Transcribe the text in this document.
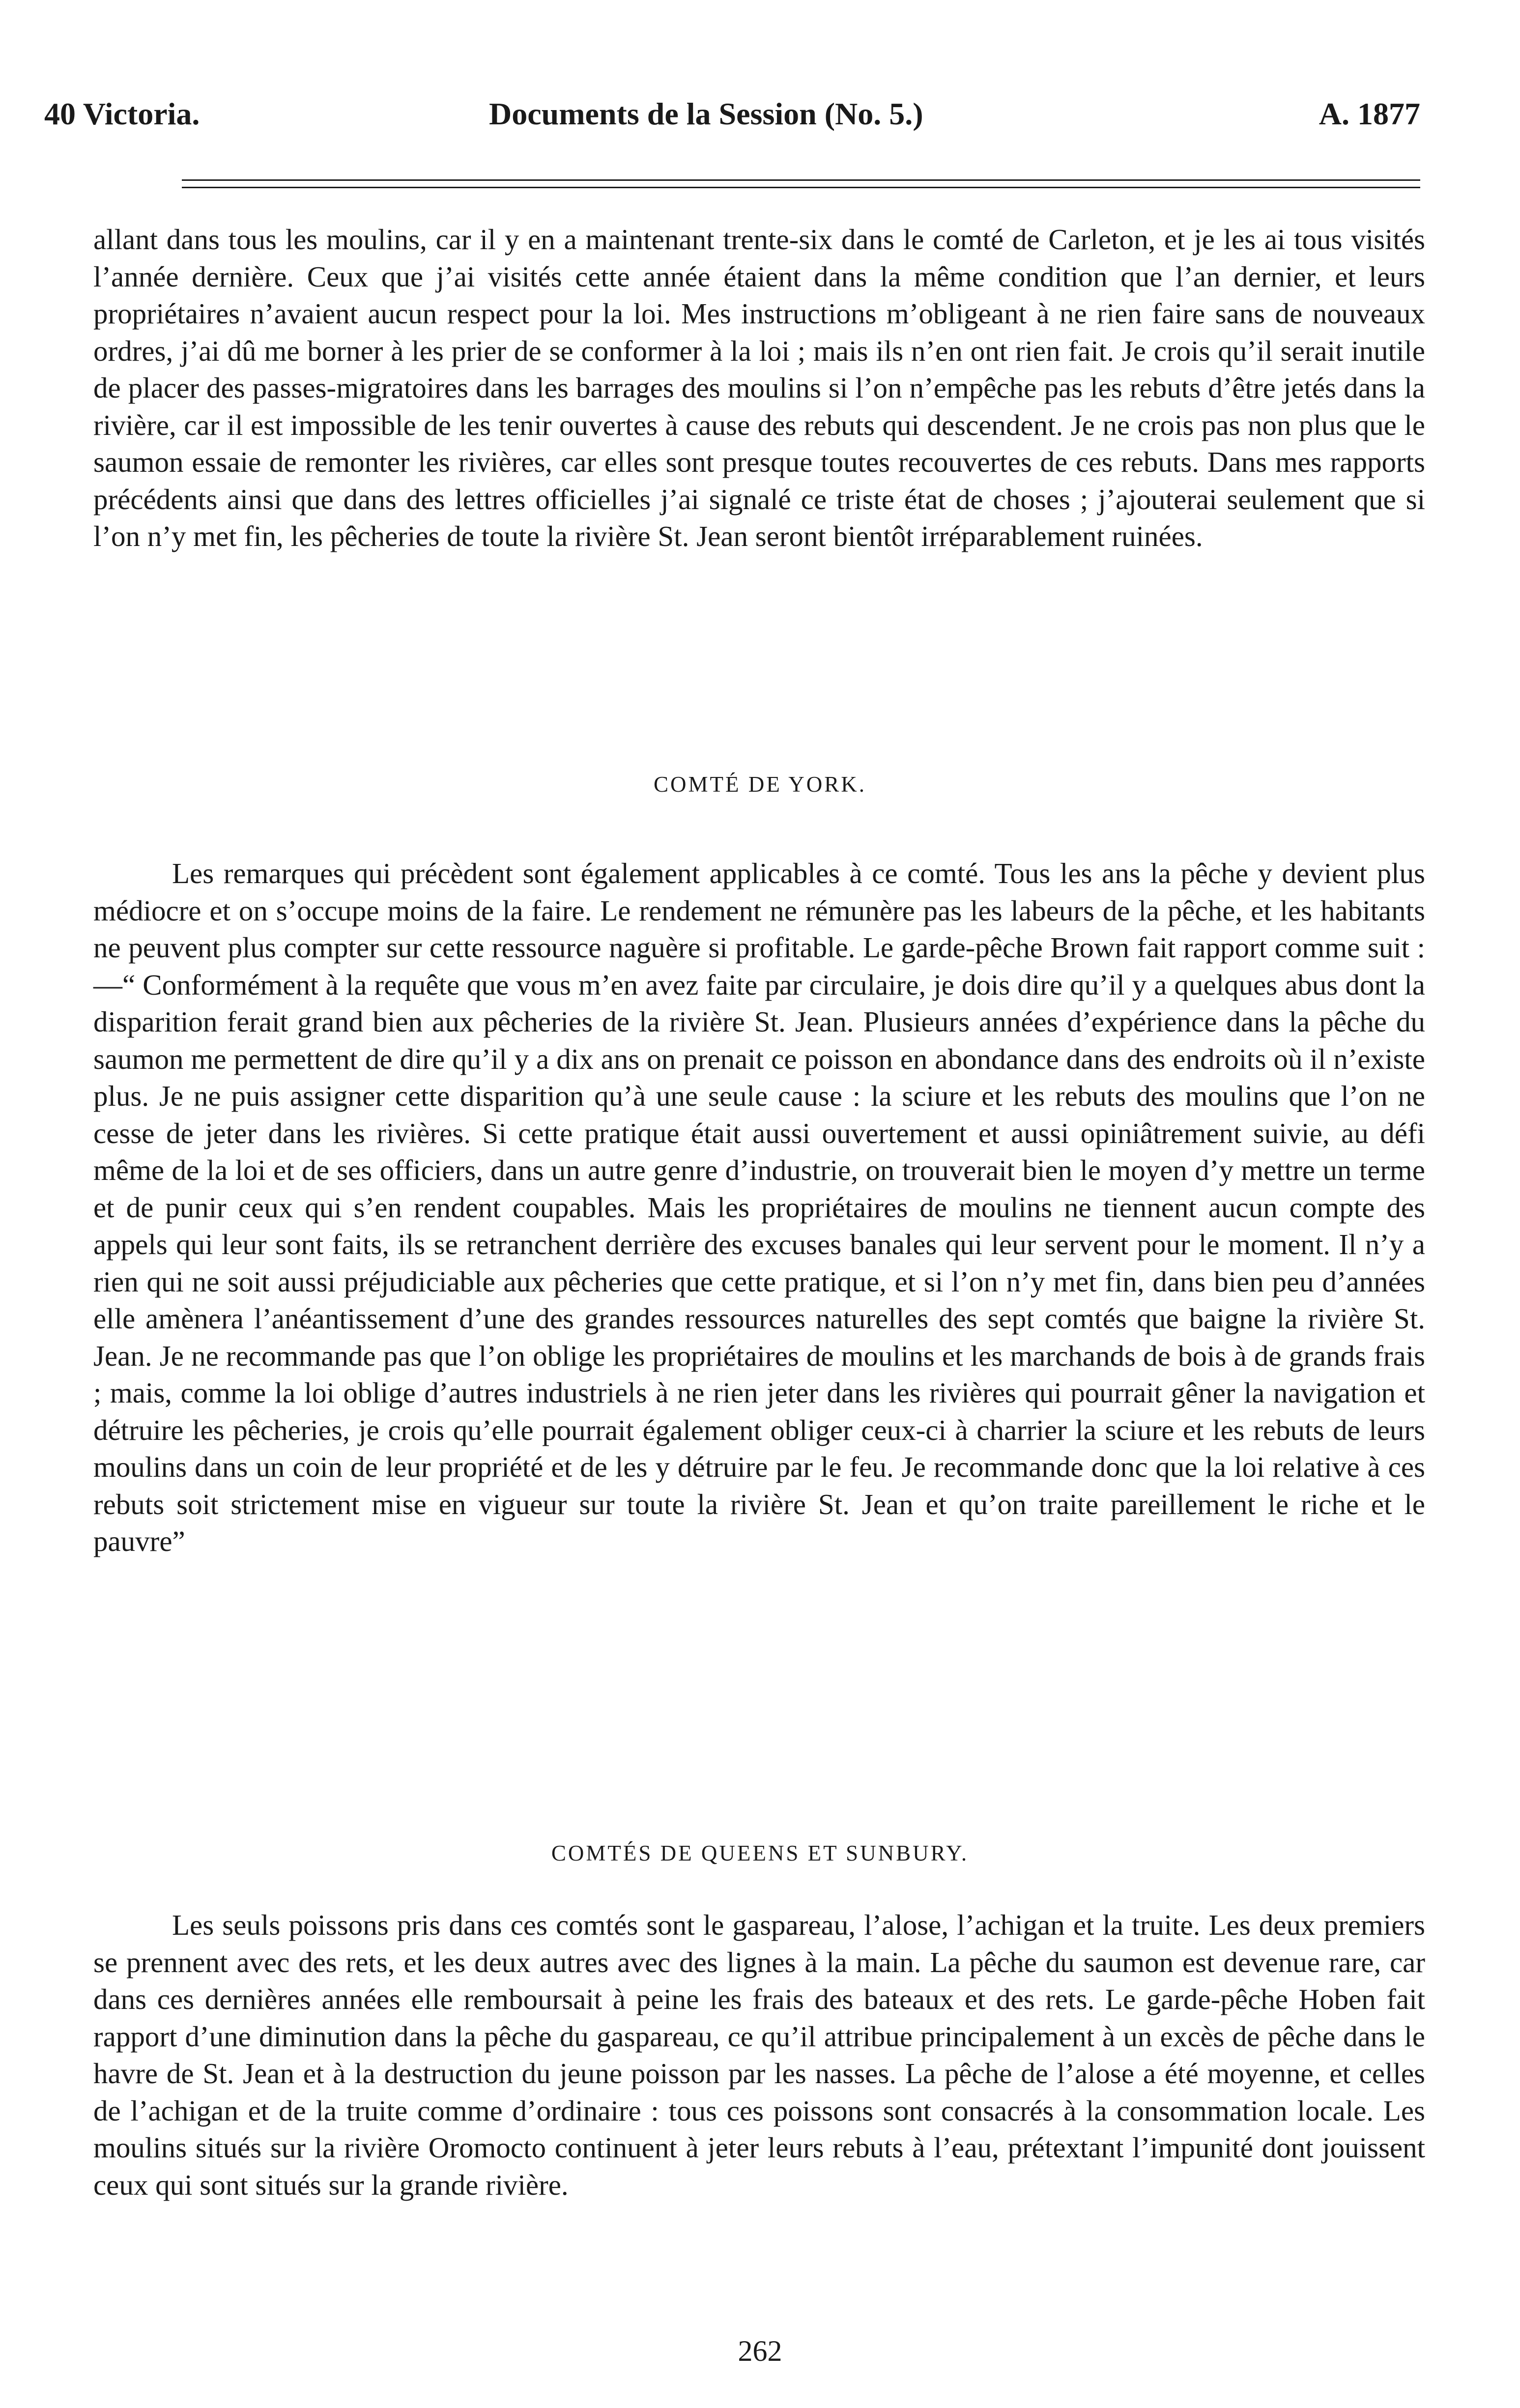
40 Victoria.	Documents de la Session (No. 5.)	A. 1877

allant dans tous les moulins, car il y en a maintenant trente-six dans le comté de Carleton, et je les ai tous visités l’année dernière. Ceux que j’ai visités cette année étaient dans la même condition que l’an dernier, et leurs propriétaires n’avaient aucun respect pour la loi. Mes instructions m’obligeant à ne rien faire sans de nouveaux ordres, j’ai dû me borner à les prier de se conformer à la loi ; mais ils n’en ont rien fait. Je crois qu’il serait inutile de placer des passes-migratoires dans les barrages des moulins si l’on n’empêche pas les rebuts d’être jetés dans la rivière, car il est impossible de les tenir ouvertes à cause des rebuts qui descendent. Je ne crois pas non plus que le saumon essaie de remonter les rivières, car elles sont presque toutes recouvertes de ces rebuts. Dans mes rapports précédents ainsi que dans des lettres officielles j’ai signalé ce triste état de choses ; j’ajouterai seulement que si l’on n’y met fin, les pêcheries de toute la rivière St. Jean seront bientôt irréparablement ruinées.

COMTÉ DE YORK.

Les remarques qui précèdent sont également applicables à ce comté. Tous les ans la pêche y devient plus médiocre et on s’occupe moins de la faire. Le rendement ne rémunère pas les labeurs de la pêche, et les habitants ne peuvent plus compter sur cette ressource naguère si profitable. Le garde-pêche Brown fait rapport comme suit :—“ Conformément à la requête que vous m’en avez faite par circulaire, je dois dire qu’il y a quelques abus dont la disparition ferait grand bien aux pêcheries de la rivière St. Jean. Plusieurs années d’expérience dans la pêche du saumon me permettent de dire qu’il y a dix ans on prenait ce poisson en abondance dans des endroits où il n’existe plus. Je ne puis assigner cette disparition qu’à une seule cause : la sciure et les rebuts des moulins que l’on ne cesse de jeter dans les rivières. Si cette pratique était aussi ouvertement et aussi opiniâtrement suivie, au défi même de la loi et de ses officiers, dans un autre genre d’industrie, on trouverait bien le moyen d’y mettre un terme et de punir ceux qui s’en rendent coupables. Mais les propriétaires de moulins ne tiennent aucun compte des appels qui leur sont faits, ils se retranchent derrière des excuses banales qui leur servent pour le moment. Il n’y a rien qui ne soit aussi préjudiciable aux pêcheries que cette pratique, et si l’on n’y met fin, dans bien peu d’années elle amènera l’anéantissement d’une des grandes ressources naturelles des sept comtés que baigne la rivière St. Jean. Je ne recommande pas que l’on oblige les propriétaires de moulins et les marchands de bois à de grands frais ; mais, comme la loi oblige d’autres industriels à ne rien jeter dans les rivières qui pourrait gêner la navigation et détruire les pêcheries, je crois qu’elle pourrait également obliger ceux-ci à charrier la sciure et les rebuts de leurs moulins dans un coin de leur propriété et de les y détruire par le feu. Je recommande donc que la loi relative à ces rebuts soit strictement mise en vigueur sur toute la rivière St. Jean et qu’on traite pareillement le riche et le pauvre”

COMTÉS DE QUEENS ET SUNBURY.

Les seuls poissons pris dans ces comtés sont le gaspareau, l’alose, l’achigan et la truite. Les deux premiers se prennent avec des rets, et les deux autres avec des lignes à la main. La pêche du saumon est devenue rare, car dans ces dernières années elle remboursait à peine les frais des bateaux et des rets. Le garde-pêche Hoben fait rapport d’une diminution dans la pêche du gaspareau, ce qu’il attribue principalement à un excès de pêche dans le havre de St. Jean et à la destruction du jeune poisson par les nasses. La pêche de l’alose a été moyenne, et celles de l’achigan et de la truite comme d’ordinaire : tous ces poissons sont consacrés à la consommation locale. Les moulins situés sur la rivière Oromocto continuent à jeter leurs rebuts à l’eau, prétextant l’impunité dont jouissent ceux qui sont situés sur la grande rivière.

262
